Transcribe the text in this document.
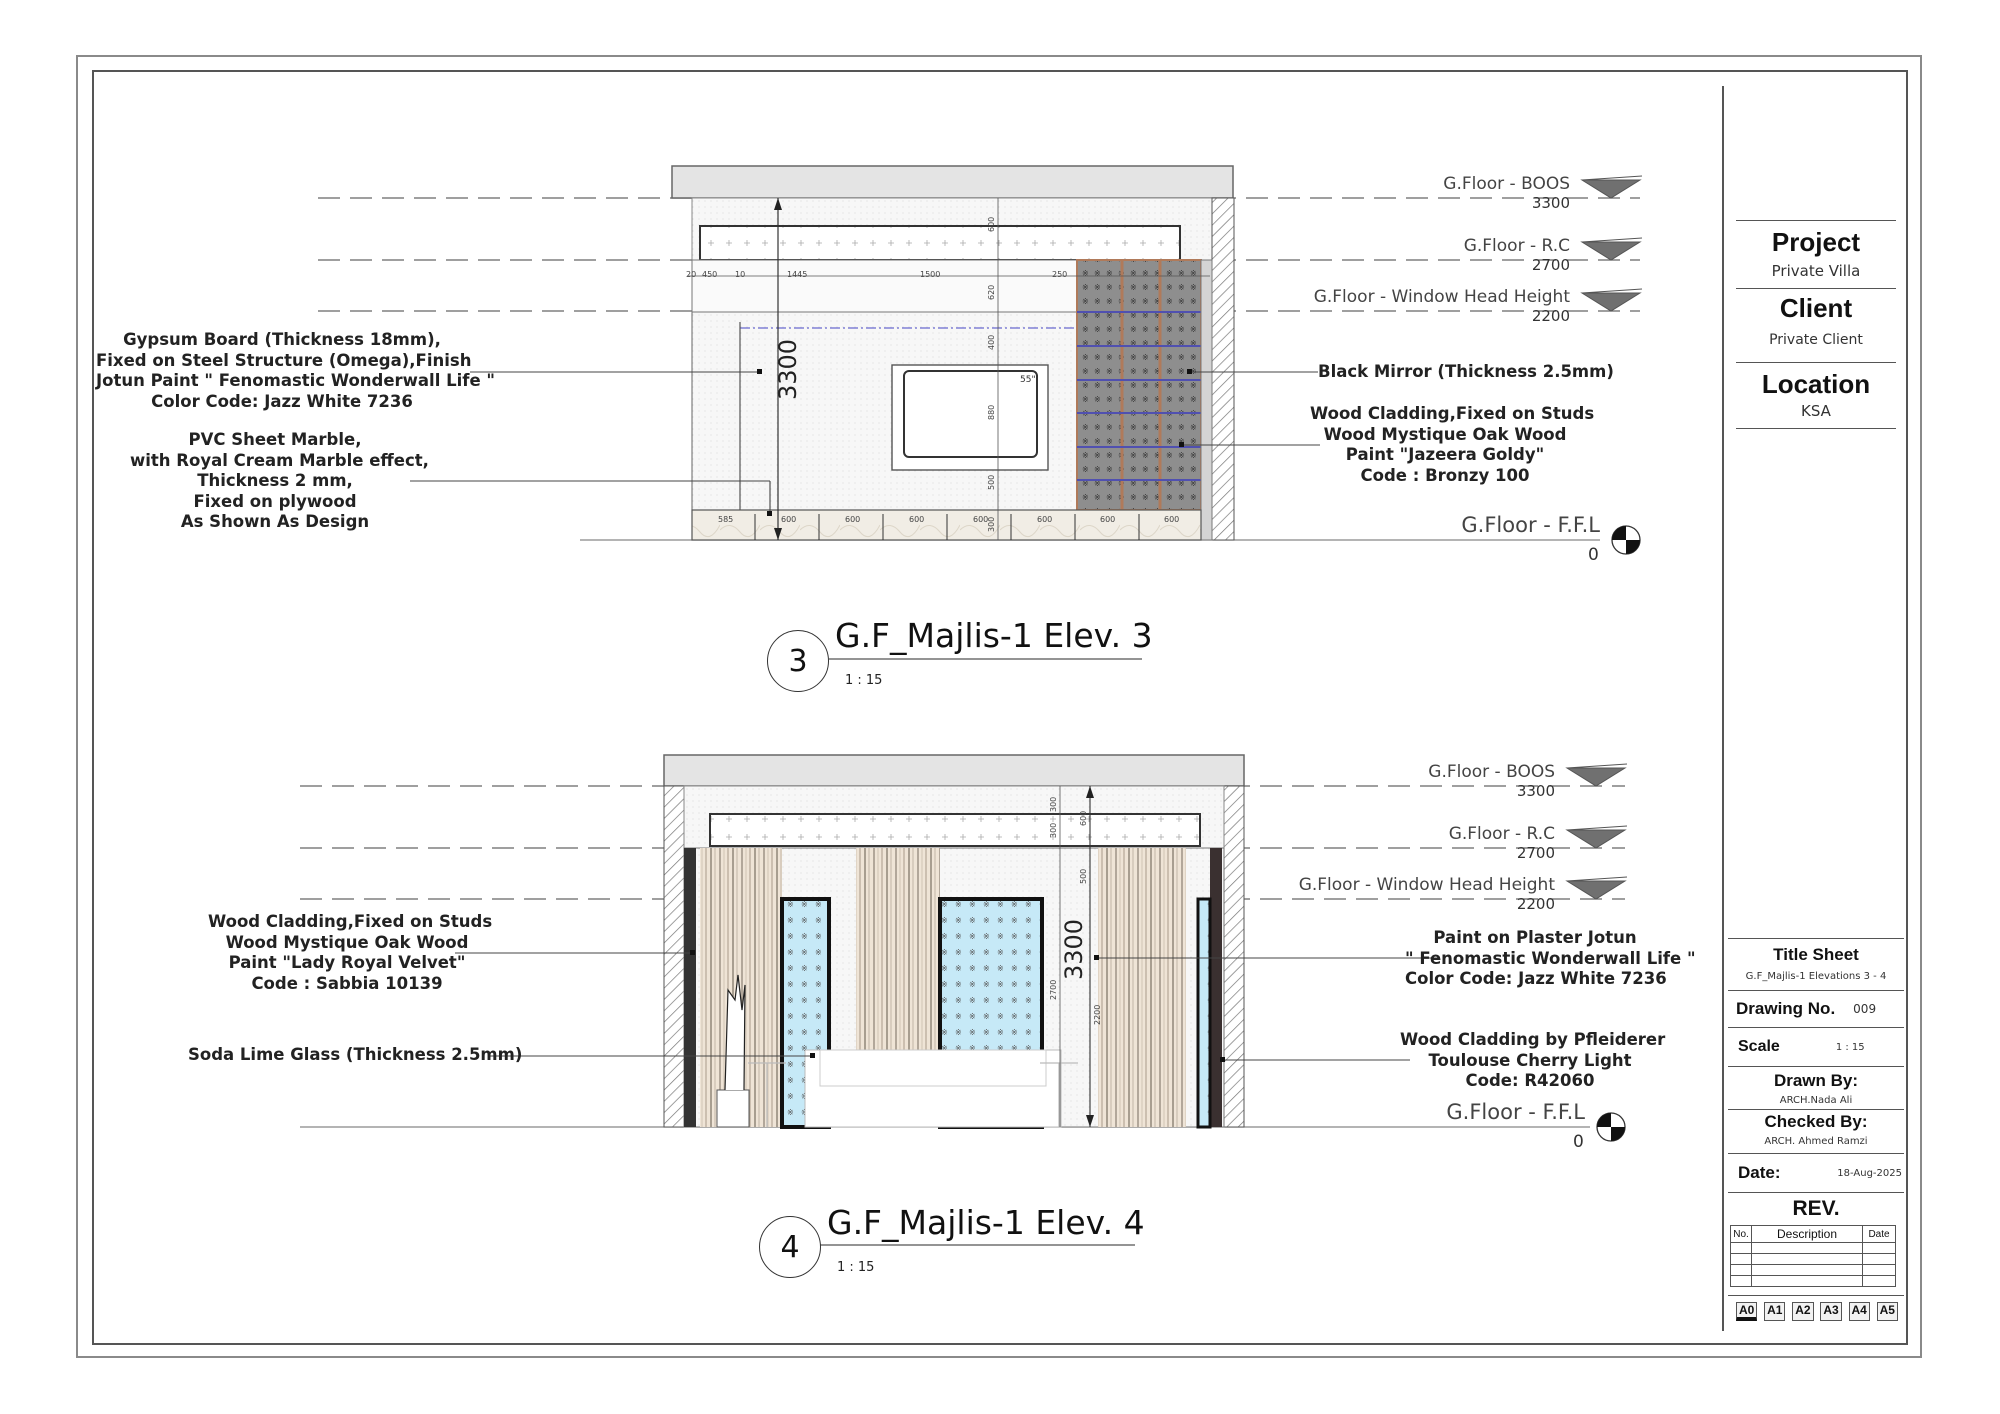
55"
585	600	600	600	600	600	600	600
20 450 10	1445	1500	250
3300
600
620
400
880
500
300
3300
300
300
600
500
2700
2200
G.Floor - BOOS
3300
G.Floor - R.C
2700
G.Floor - Window Head Height
2200
G.Floor - F.F.L
0
Gypsum Board (Thickness 18mm),
Fixed on Steel Structure (Omega),Finish
Jotun Paint " Fenomastic Wonderwall Life "
Color Code: Jazz White 7236
PVC Sheet Marble,
with Royal Cream Marble effect,
Thickness 2 mm,
Fixed on plywood
As Shown As Design
Black Mirror (Thickness 2.5mm)
Wood Cladding,Fixed on Studs
Wood Mystique Oak Wood
Paint "Jazeera Goldy"
Code : Bronzy 100
3
G.F_Majlis-1 Elev. 3
1 : 15
G.Floor - BOOS
3300
G.Floor - R.C
2700
G.Floor - Window Head Height
2200
G.Floor - F.F.L
0
Wood Cladding,Fixed on Studs
Wood Mystique Oak Wood
Paint "Lady Royal Velvet"
Code : Sabbia 10139
Soda Lime Glass (Thickness 2.5mm)
Paint on Plaster Jotun
" Fenomastic Wonderwall Life "
Color Code: Jazz White 7236
Wood Cladding by Pfleiderer
Toulouse Cherry Light
Code: R42060
4
G.F_Majlis-1 Elev. 4
1 : 15
Project
Private Villa
Client
Private Client
Location
KSA
Title Sheet
G.F_Majlis-1 Elevations 3 - 4
Drawing No. 009
Scale	1 : 15
Drawn By:
ARCH.Nada Ali
Checked By:
ARCH. Ahmed Ramzi
Date:	18-Aug-2025
REV.
No.	Description	Date

A0 A1 A2 A3 A4 A5
